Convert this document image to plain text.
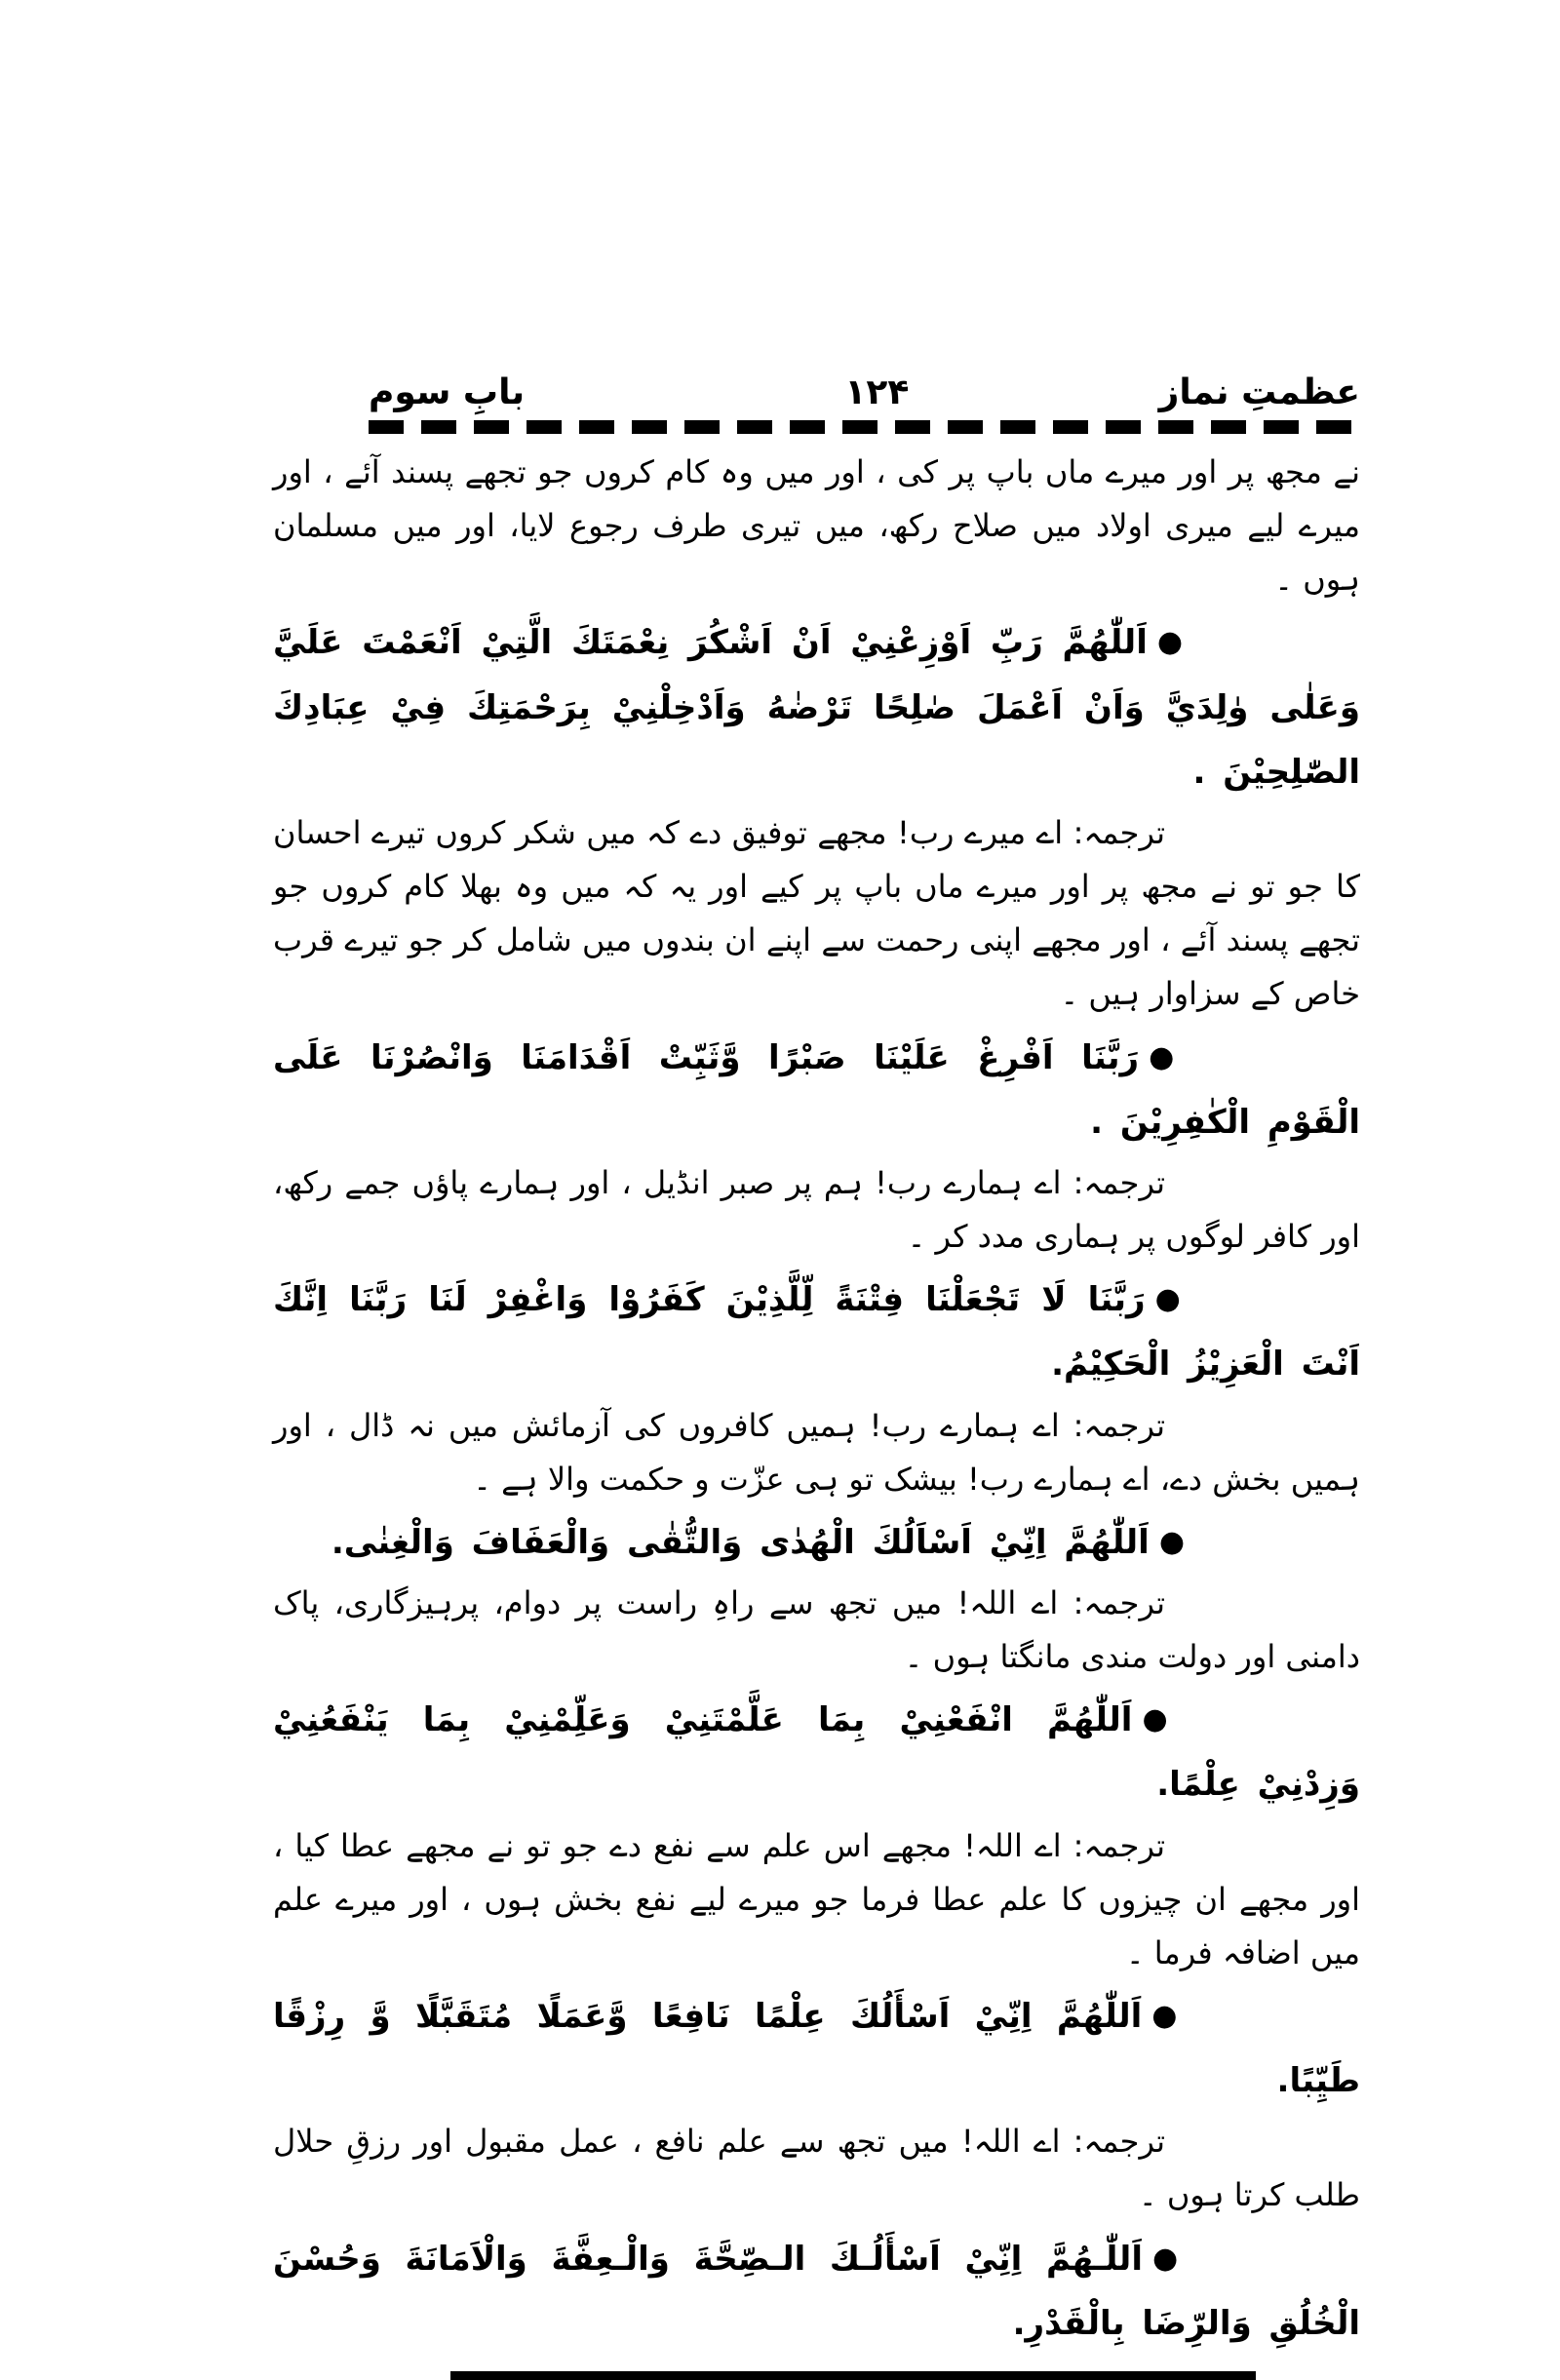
عظمتِ نماز
۱۲۴
بابِ سوم
نے مجھ پر اور میرے ماں باپ پر کی ، اور میں وہ کام کروں جو تجھے پسند آئے ، اور میرے لیے میری اولاد میں صلاح رکھ، میں تیری طرف رجوع لایا، اور میں مسلمان ہوں ۔
●اَللّٰهُمَّ رَبِّ اَوْزِعْنِيْ اَنْ اَشْكُرَ نِعْمَتَكَ الَّتِيْ اَنْعَمْتَ عَلَيَّ وَعَلٰى وٰلِدَيَّ وَاَنْ اَعْمَلَ صٰلِحًا تَرْضٰهُ وَاَدْخِلْنِيْ بِرَحْمَتِكَ فِيْ عِبَادِكَ الصّٰلِحِيْنَ .
ترجمہ: اے میرے رب! مجھے توفیق دے کہ میں شکر کروں تیرے احسان کا جو تو نے مجھ پر اور میرے ماں باپ پر کیے اور یہ کہ میں وہ بھلا کام کروں جو تجھے پسند آئے ، اور مجھے اپنی رحمت سے اپنے ان بندوں میں شامل کر جو تیرے قرب خاص کے سزاوار ہیں ۔
●رَبَّنَا اَفْرِغْ عَلَيْنَا صَبْرًا وَّثَبِّتْ اَقْدَامَنَا وَانْصُرْنَا عَلَى الْقَوْمِ الْكٰفِرِيْنَ .
ترجمہ: اے ہمارے رب! ہم پر صبر انڈیل ، اور ہمارے پاؤں جمے رکھ، اور کافر لوگوں پر ہماری مدد کر ۔
●رَبَّنَا لَا تَجْعَلْنَا فِتْنَةً لِّلَّذِيْنَ كَفَرُوْا وَاغْفِرْ لَنَا رَبَّنَا اِنَّكَ اَنْتَ الْعَزِيْزُ الْحَكِيْمُ.
ترجمہ: اے ہمارے رب! ہمیں کافروں کی آزمائش میں نہ ڈال ، اور ہمیں بخش دے، اے ہمارے رب! بیشک تو ہی عزّت و حکمت والا ہے ۔
●اَللّٰهُمَّ اِنِّيْ اَسْاَلُكَ الْهُدٰى وَالتُّقٰى وَالْعَفَافَ وَالْغِنٰى.
ترجمہ: اے اللہ! میں تجھ سے راہِ راست پر دوام، پرہیزگاری، پاک دامنی اور دولت مندی مانگتا ہوں ۔
●اَللّٰهُمَّ انْفَعْنِيْ بِمَا عَلَّمْتَنِيْ وَعَلِّمْنِيْ بِمَا يَنْفَعُنِيْ وَزِدْنِيْ عِلْمًا.
ترجمہ: اے اللہ! مجھے اس علم سے نفع دے جو تو نے مجھے عطا کیا ، اور مجھے ان چیزوں کا علم عطا فرما جو میرے لیے نفع بخش ہوں ، اور میرے علم میں اضافہ فرما ۔
●اَللّٰهُمَّ اِنِّيْ اَسْأَلُكَ عِلْمًا نَافِعًا وَّعَمَلًا مُتَقَبَّلًا وَّ رِزْقًا طَيِّبًا.
ترجمہ: اے اللہ! میں تجھ سے علم نافع ، عمل مقبول اور رزقِ حلال طلب کرتا ہوں ۔
●اَللّٰـهُمَّ اِنِّيْ اَسْأَلُـكَ الـصِّحَّةَ وَالْـعِفَّةَ وَالْاَمَانَةَ وَحُسْنَ الْخُلُقِ وَالرِّضَا بِالْقَدْرِ.
